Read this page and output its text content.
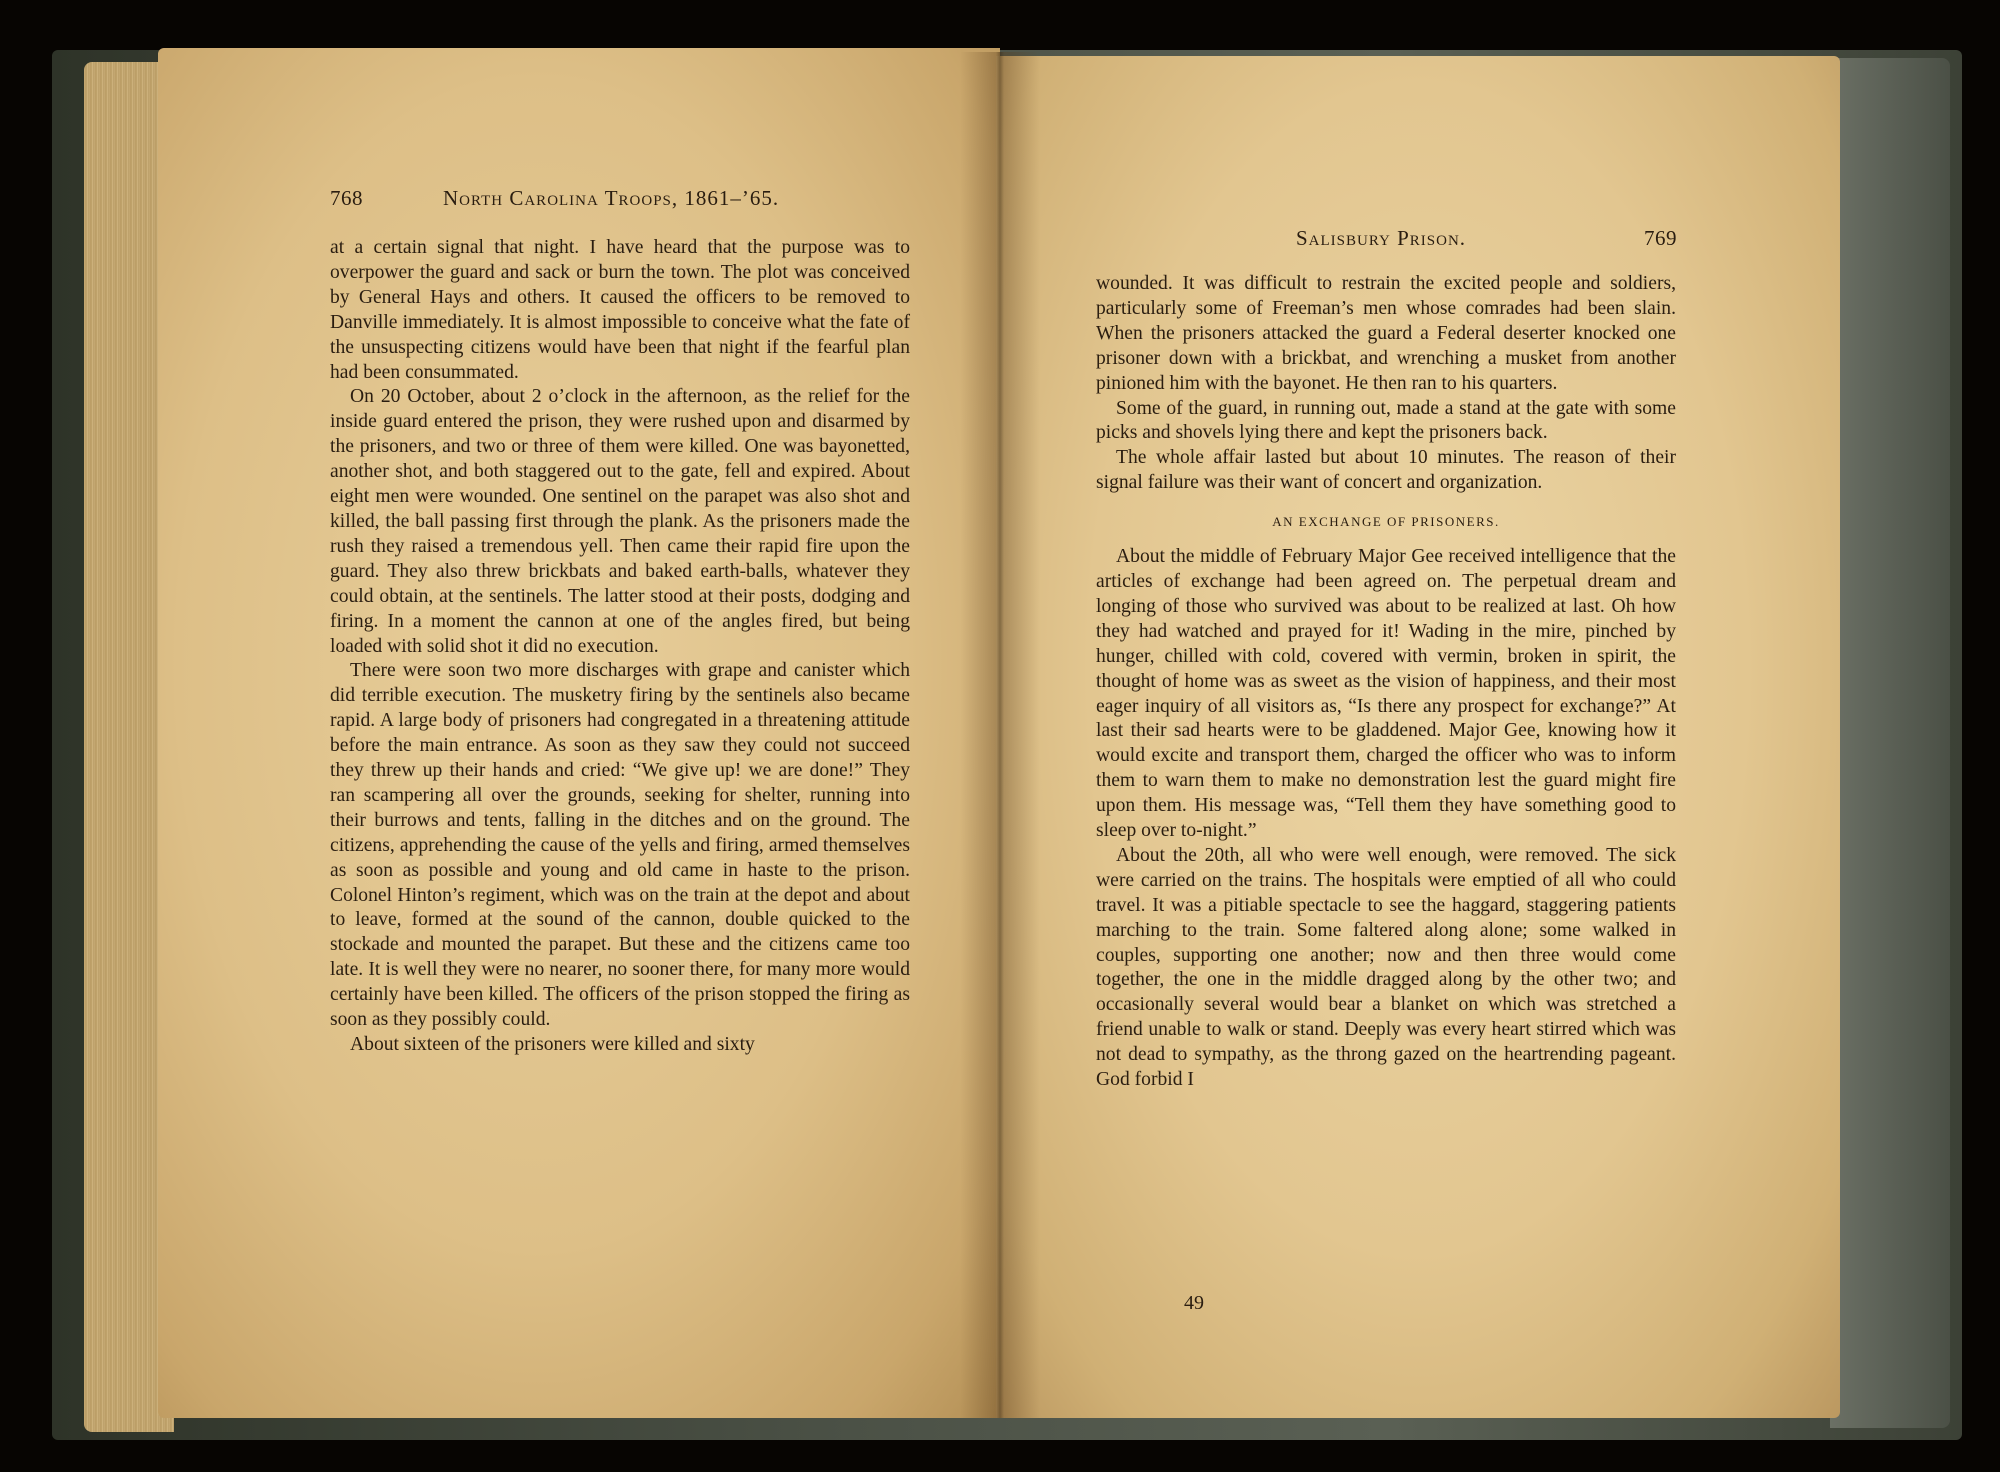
768	North Carolina Troops, 1861–’65.

at a certain signal that night. I have heard that the purpose was to overpower the guard and sack or burn the town. The plot was conceived by General Hays and others. It caused the officers to be removed to Danville immediately. It is almost impossible to conceive what the fate of the unsuspecting citizens would have been that night if the fearful plan had been consummated.

On 20 October, about 2 o’clock in the afternoon, as the relief for the inside guard entered the prison, they were rushed upon and disarmed by the prisoners, and two or three of them were killed. One was bayonetted, another shot, and both staggered out to the gate, fell and expired. About eight men were wounded. One sentinel on the parapet was also shot and killed, the ball passing first through the plank. As the prisoners made the rush they raised a tremendous yell. Then came their rapid fire upon the guard. They also threw brickbats and baked earth-balls, whatever they could obtain, at the sentinels. The latter stood at their posts, dodging and firing. In a moment the cannon at one of the angles fired, but being loaded with solid shot it did no execution.

There were soon two more discharges with grape and canister which did terrible execution. The musketry firing by the sentinels also became rapid. A large body of prisoners had congregated in a threatening attitude before the main entrance. As soon as they saw they could not succeed they threw up their hands and cried: “We give up! we are done!” They ran scampering all over the grounds, seeking for shelter, running into their burrows and tents, falling in the ditches and on the ground. The citizens, apprehending the cause of the yells and firing, armed themselves as soon as possible and young and old came in haste to the prison. Colonel Hinton’s regiment, which was on the train at the depot and about to leave, formed at the sound of the cannon, double quicked to the stockade and mounted the parapet. But these and the citizens came too late. It is well they were no nearer, no sooner there, for many more would certainly have been killed. The officers of the prison stopped the firing as soon as they possibly could.

About sixteen of the prisoners were killed and sixty

Salisbury Prison.	769

wounded. It was difficult to restrain the excited people and soldiers, particularly some of Freeman’s men whose comrades had been slain. When the prisoners attacked the guard a Federal deserter knocked one prisoner down with a brickbat, and wrenching a musket from another pinioned him with the bayonet. He then ran to his quarters.

Some of the guard, in running out, made a stand at the gate with some picks and shovels lying there and kept the prisoners back.

The whole affair lasted but about 10 minutes. The reason of their signal failure was their want of concert and organization.

AN EXCHANGE OF PRISONERS.

About the middle of February Major Gee received intelligence that the articles of exchange had been agreed on. The perpetual dream and longing of those who survived was about to be realized at last. Oh how they had watched and prayed for it! Wading in the mire, pinched by hunger, chilled with cold, covered with vermin, broken in spirit, the thought of home was as sweet as the vision of happiness, and their most eager inquiry of all visitors as, “Is there any prospect for exchange?” At last their sad hearts were to be gladdened. Major Gee, knowing how it would excite and transport them, charged the officer who was to inform them to warn them to make no demonstration lest the guard might fire upon them. His message was, “Tell them they have something good to sleep over to-night.”

About the 20th, all who were well enough, were removed. The sick were carried on the trains. The hospitals were emptied of all who could travel. It was a pitiable spectacle to see the haggard, staggering patients marching to the train. Some faltered along alone; some walked in couples, supporting one another; now and then three would come together, the one in the middle dragged along by the other two; and occasionally several would bear a blanket on which was stretched a friend unable to walk or stand. Deeply was every heart stirred which was not dead to sympathy, as the throng gazed on the heartrending pageant. God forbid I

49
